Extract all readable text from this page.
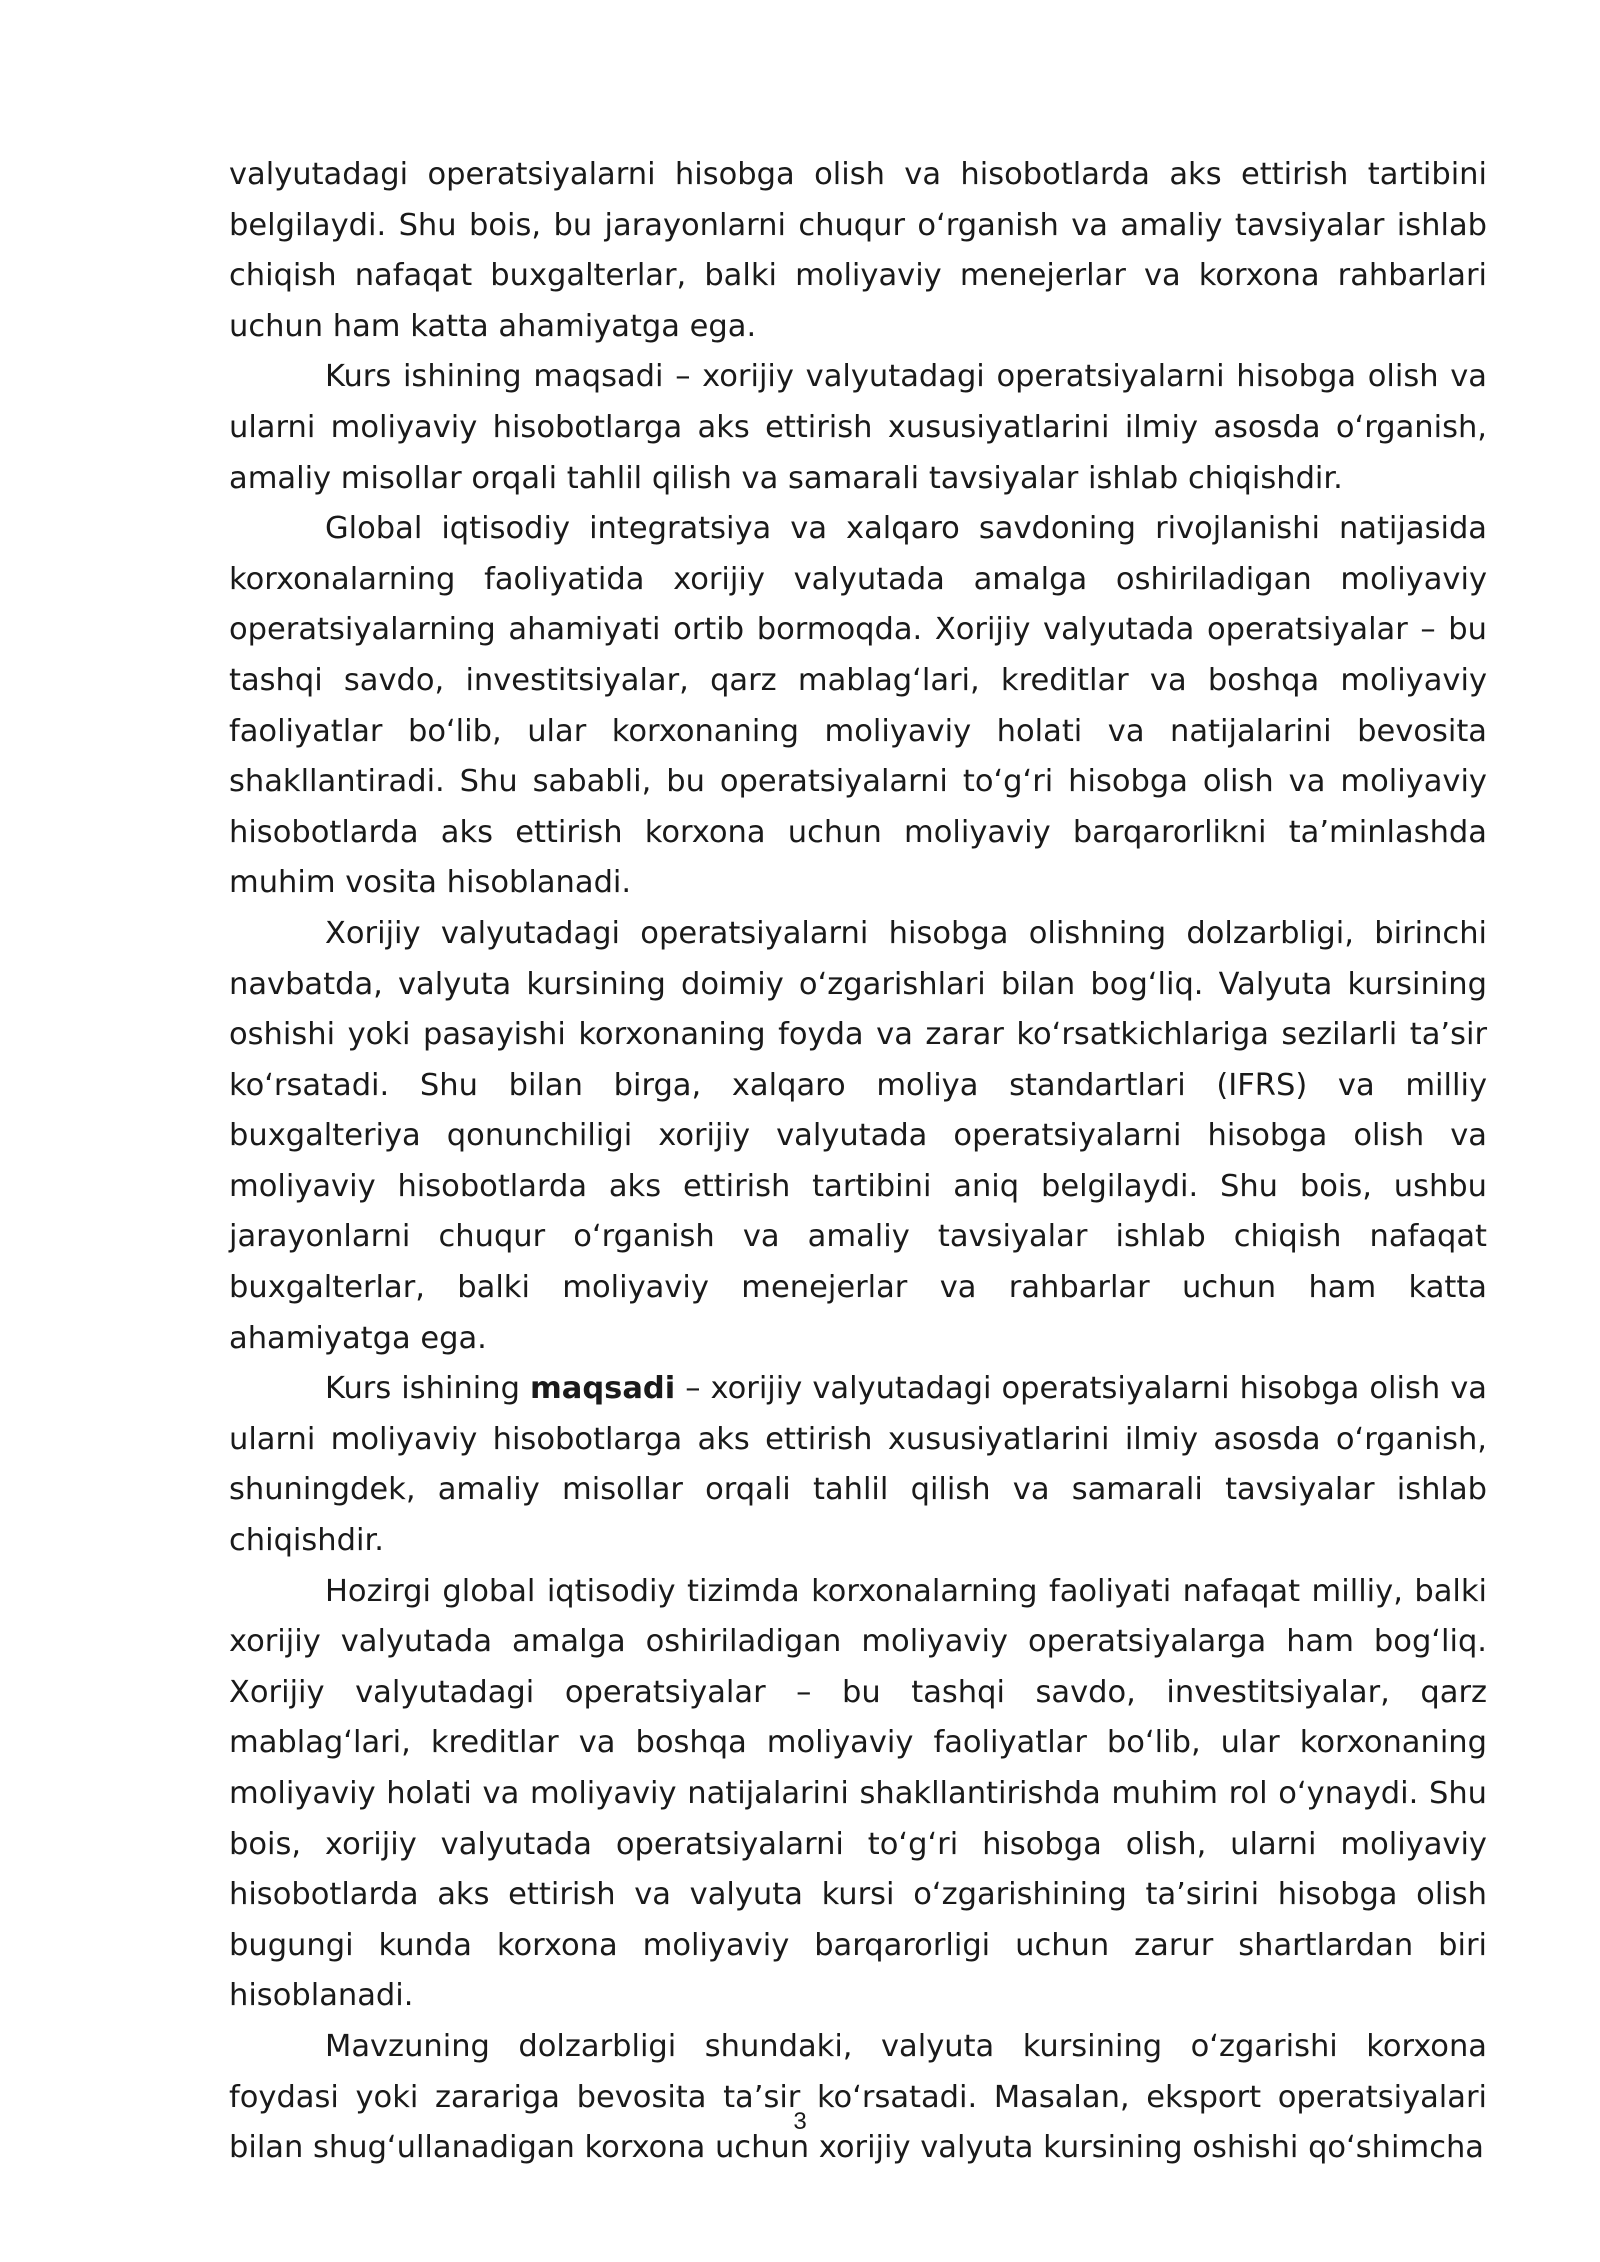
valyutadagi operatsiyalarni hisobga olish va hisobotlarda aks ettirish tartibini belgilaydi. Shu bois, bu jarayonlarni chuqur oʻrganish va amaliy tavsiyalar ishlab chiqish nafaqat buxgalterlar, balki moliyaviy menejerlar va korxona rahbarlari uchun ham katta ahamiyatga ega.

Kurs ishining maqsadi – xorijiy valyutadagi operatsiyalarni hisobga olish va ularni moliyaviy hisobotlarga aks ettirish xususiyatlarini ilmiy asosda oʻrganish, amaliy misollar orqali tahlil qilish va samarali tavsiyalar ishlab chiqishdir.

Global iqtisodiy integratsiya va xalqaro savdoning rivojlanishi natijasida korxonalarning faoliyatida xorijiy valyutada amalga oshiriladigan moliyaviy operatsiyalarning ahamiyati ortib bormoqda. Xorijiy valyutada operatsiyalar – bu tashqi savdo, investitsiyalar, qarz mablagʻlari, kreditlar va boshqa moliyaviy faoliyatlar boʻlib, ular korxonaning moliyaviy holati va natijalarini bevosita shakllantiradi. Shu sababli, bu operatsiyalarni toʻgʻri hisobga olish va moliyaviy hisobotlarda aks ettirish korxona uchun moliyaviy barqarorlikni taʼminlashda muhim vosita hisoblanadi.

Xorijiy valyutadagi operatsiyalarni hisobga olishning dolzarbligi, birinchi navbatda, valyuta kursining doimiy oʻzgarishlari bilan bogʻliq. Valyuta kursining oshishi yoki pasayishi korxonaning foyda va zarar koʻrsatkichlariga sezilarli taʼsir koʻrsatadi. Shu bilan birga, xalqaro moliya standartlari (IFRS) va milliy buxgalteriya qonunchiligi xorijiy valyutada operatsiyalarni hisobga olish va moliyaviy hisobotlarda aks ettirish tartibini aniq belgilaydi. Shu bois, ushbu jarayonlarni chuqur oʻrganish va amaliy tavsiyalar ishlab chiqish nafaqat buxgalterlar, balki moliyaviy menejerlar va rahbarlar uchun ham katta ahamiyatga ega.

Kurs ishining maqsadi – xorijiy valyutadagi operatsiyalarni hisobga olish va ularni moliyaviy hisobotlarga aks ettirish xususiyatlarini ilmiy asosda oʻrganish, shuningdek, amaliy misollar orqali tahlil qilish va samarali tavsiyalar ishlab chiqishdir.

Hozirgi global iqtisodiy tizimda korxonalarning faoliyati nafaqat milliy, balki xorijiy valyutada amalga oshiriladigan moliyaviy operatsiyalarga ham bogʻliq. Xorijiy valyutadagi operatsiyalar – bu tashqi savdo, investitsiyalar, qarz mablagʻlari, kreditlar va boshqa moliyaviy faoliyatlar boʻlib, ular korxonaning moliyaviy holati va moliyaviy natijalarini shakllantirishda muhim rol oʻynaydi. Shu bois, xorijiy valyutada operatsiyalarni toʻgʻri hisobga olish, ularni moliyaviy hisobotlarda aks ettirish va valyuta kursi oʻzgarishining taʼsirini hisobga olish bugungi kunda korxona moliyaviy barqarorligi uchun zarur shartlardan biri hisoblanadi.

Mavzuning dolzarbligi shundaki, valyuta kursining oʻzgarishi korxona foydasi yoki zarariga bevosita taʼsir koʻrsatadi. Masalan, eksport operatsiyalari bilan shugʻullanadigan korxona uchun xorijiy valyuta kursining oshishi qoʻshimcha

3
